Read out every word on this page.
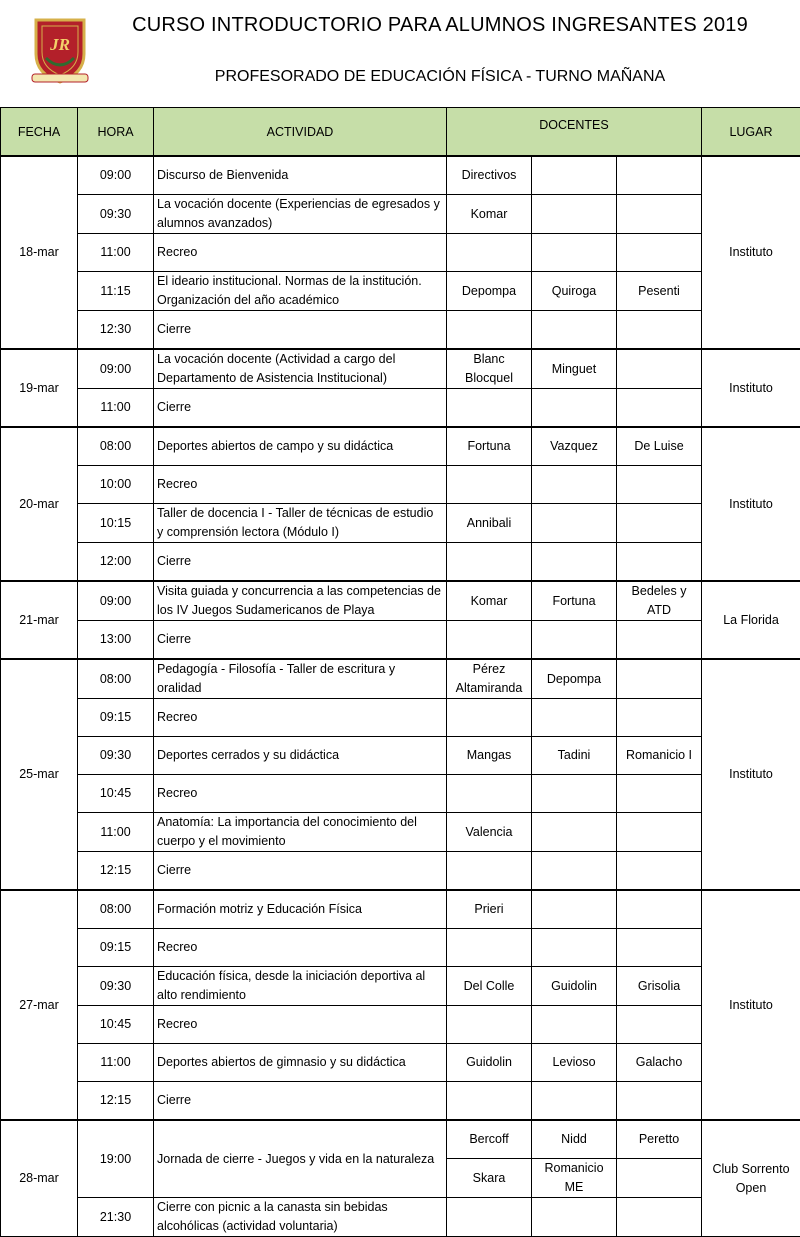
JR
CURSO INTRODUCTORIO PARA ALUMNOS INGRESANTES 2019
PROFESORADO DE EDUCACIÓN FÍSICA - TURNO MAÑANA
FECHA	HORA	ACTIVIDAD	DOCENTES			LUGAR
18-mar	09:00	Discurso de Bienvenida	Directivos			Instituto
	09:30	La vocación docente (Experiencias de egresados y alumnos avanzados)	Komar			
	11:00	Recreo				
	11:15	El ideario institucional. Normas de la institución. Organización del año académico	Depompa	Quiroga	Pesenti	
	12:30	Cierre				
19-mar	09:00	La vocación docente (Actividad a cargo del Departamento de Asistencia Institucional)	Blanc Blocquel	Minguet		Instituto
	11:00	Cierre				
20-mar	08:00	Deportes abiertos de campo y su didáctica	Fortuna	Vazquez	De Luise	Instituto
	10:00	Recreo				
	10:15	Taller de docencia I - Taller de técnicas de estudio y comprensión lectora (Módulo I)	Annibali			
	12:00	Cierre				
21-mar	09:00	Visita guiada y concurrencia a las competencias de los IV Juegos Sudamericanos de Playa	Komar	Fortuna	Bedeles y ATD	La Florida
	13:00	Cierre				
25-mar	08:00	Pedagogía - Filosofía - Taller de escritura y oralidad	Pérez Altamiranda	Depompa		Instituto
	09:15	Recreo				
	09:30	Deportes cerrados y su didáctica	Mangas	Tadini	Romanicio I	
	10:45	Recreo				
	11:00	Anatomía: La importancia del conocimiento del cuerpo y el movimiento	Valencia			
	12:15	Cierre				
27-mar	08:00	Formación motriz y Educación Física	Prieri			Instituto
	09:15	Recreo				
	09:30	Educación física, desde la iniciación deportiva al alto rendimiento	Del Colle	Guidolin	Grisolia	
	10:45	Recreo				
	11:00	Deportes abiertos de gimnasio y su didáctica	Guidolin	Levioso	Galacho	
	12:15	Cierre				
28-mar	19:00	Jornada de cierre - Juegos y vida en la naturaleza	Bercoff	Nidd	Peretto	Club Sorrento Open
			Skara	Romanicio ME		
	21:30	Cierre con picnic a la canasta sin bebidas alcohólicas (actividad voluntaria)				
